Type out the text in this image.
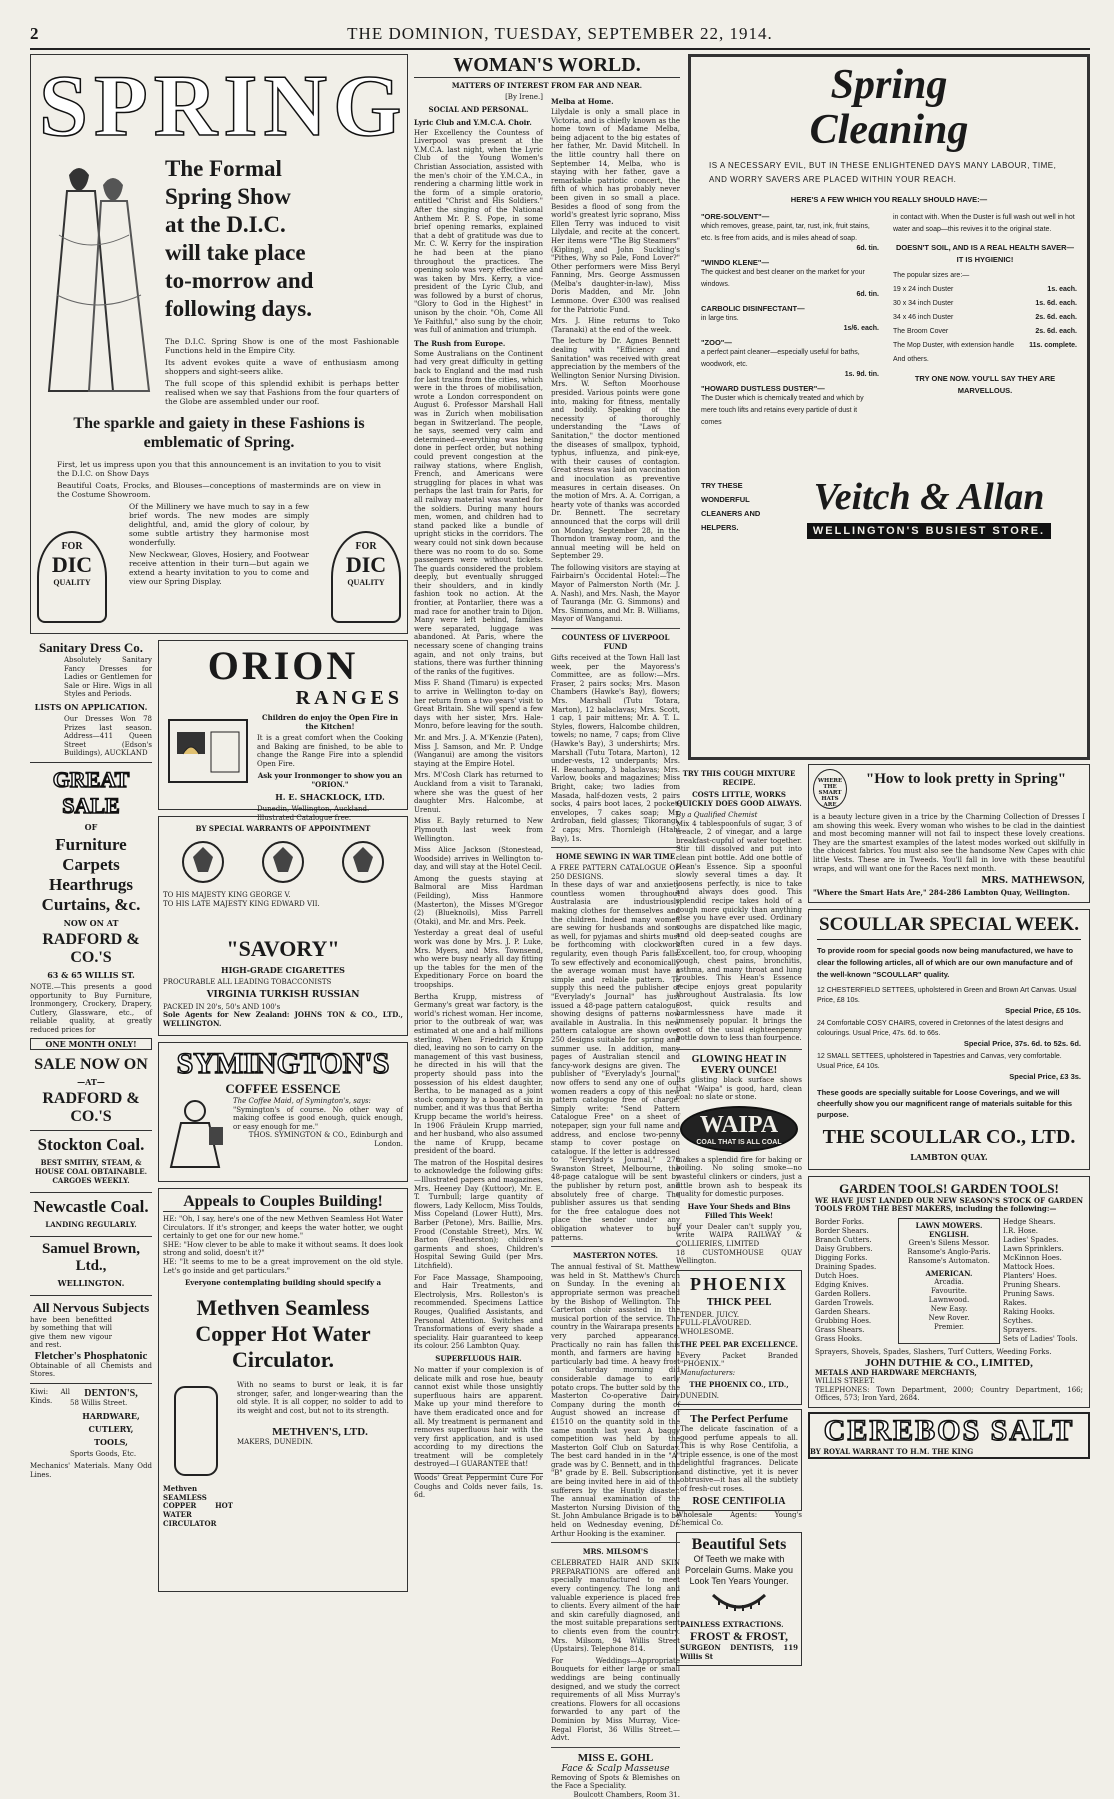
2	THE DOMINION, TUESDAY, SEPTEMBER 22, 1914.
SPRING
The Formal
Spring Show
at the D.I.C.
will take place
to-morrow and
following days.
The D.I.C. Spring Show is one of the most Fashionable Functions held in the Empire City.
Its advent evokes quite a wave of enthusiasm among shoppers and sight-seers alike.
The full scope of this splendid exhibit is perhaps better realised when we say that Fashions from the four quarters of the Globe are assembled under our roof.
The sparkle and gaiety in these Fashions is emblematic of Spring.
First, let us impress upon you that this announcement is an invitation to you to visit the D.I.C. on Show Days
Beautiful Coats, Frocks, and Blouses—conceptions of masterminds are on view in the Costume Showroom.
Of the Millinery we have much to say in a few brief words. The new modes are simply delightful, and, amid the glory of colour, by some subtle artistry they harmonise most wonderfully.
New Neckwear, Gloves, Hosiery, and Footwear receive attention in their turn—but again we extend a hearty invitation to you to come and view our Spring Display.
FOR
DIC
QUALITY
FOR
DIC
QUALITY
Sanitary Dress Co.
Absolutely Sanitary Fancy Dresses for Ladies or Gentlemen for Sale or Hire. Wigs in all Styles and Periods.
LISTS ON APPLICATION.
Our Dresses Won 78 Prizes last season. Address—411 Queen Street (Edson's Buildings), AUCKLAND
GREAT SALE
OF
Furniture
Carpets
Hearthrugs
Curtains, &c.
NOW ON AT
RADFORD & CO.'S
63 & 65 WILLIS ST.
NOTE.—This presents a good opportunity to Buy Furniture, Ironmongery, Crockery, Drapery, Cutlery, Glassware, etc., of reliable quality, at greatly reduced prices for
ONE MONTH ONLY!
SALE NOW ON
—AT—
RADFORD & CO.'S
Stockton Coal.
BEST SMITHY, STEAM, & HOUSE COAL OBTAINABLE. CARGOES WEEKLY.
Newcastle Coal.
LANDING REGULARLY.
Samuel Brown, Ltd.,
WELLINGTON.
All Nervous Subjects
have been benefitted by something that will give them new vigour and rest.
Fletcher's Phosphatonic
Obtainable of all Chemists and Stores.
Kiwi: All Kinds.
DENTON'S,
58 Willis Street.
HARDWARE,
CUTLERY,
TOOLS,
Sports Goods, Etc.
Mechanics' Materials. Many Odd Lines.
ORION
RANGES
Children do enjoy the Open Fire in the Kitchen!
It is a great comfort when the Cooking and Baking are finished, to be able to change the Range Fire into a splendid Open Fire.
Ask your Ironmonger to show you an "ORION."
H. E. SHACKLOCK, LTD.
Dunedin, Wellington, Auckland.
Illustrated Catalogue free.
BY SPECIAL WARRANTS OF APPOINTMENT
TO HIS MAJESTY KING GEORGE V.
TO HIS LATE MAJESTY KING EDWARD VII.
"SAVORY"
HIGH-GRADE CIGARETTES
PROCURABLE ALL LEADING TOBACCONISTS
VIRGINIA TURKISH RUSSIAN
PACKED IN 20's, 50's AND 100's
Sole Agents for New Zealand: JOHNS TON & CO., LTD., WELLINGTON.
SYMINGTON'S
COFFEE ESSENCE
The Coffee Maid, of Symington's, says:
"Symington's of course. No other way of making coffee is good enough, quick enough, or easy enough for me."
THOS. SYMINGTON & CO., Edinburgh and London.
Appeals to Couples Building!
HE: "Oh, I say, here's one of the new Methven Seamless Hot Water Circulators. If it's stronger, and keeps the water hotter, we ought certainly to get one for our new home."
SHE: "How clever to be able to make it without seams. It does look strong and solid, doesn't it?"
HE: "It seems to me to be a great improvement on the old style. Let's go inside and get particulars."
Everyone contemplating building should specify a
Methven Seamless Copper Hot Water Circulator.
Methven SEAMLESS COPPER HOT WATER CIRCULATOR
With no seams to burst or leak, it is far stronger, safer, and longer-wearing than the old style. It is all copper, no solder to add to its weight and cost, but not to its strength.
METHVEN'S, LTD.
MAKERS, DUNEDIN.
WOMAN'S WORLD.
MATTERS OF INTEREST FROM FAR AND NEAR.
[By Irene.]
SOCIAL AND PERSONAL.
Lyric Club and Y.M.C.A. Choir.
Her Excellency the Countess of Liverpool was present at the Y.M.C.A. last night, when the Lyric Club of the Young Women's Christian Association, assisted with the men's choir of the Y.M.C.A., in rendering a charming little work in the form of a simple oratorio, entitled "Christ and His Soldiers." After the singing of the National Anthem Mr. P. S. Pope, in some brief opening remarks, explained that a debt of gratitude was due to Mr. C. W. Kerry for the inspiration he had been at the piano throughout the practices. The opening solo was very effective and was taken by Mrs. Kerry, a vice-president of the Lyric Club, and was followed by a burst of chorus, "Glory to God in the Highest" in unison by the choir. "Oh, Come All Ye Faithful," also sung by the choir, was full of animation and triumph.
The Rush from Europe.
Some Australians on the Continent had very great difficulty in getting back to England and the mad rush for last trains from the cities, which were in the throes of mobilisation, wrote a London correspondent on August 6. Professor Marshall Hall was in Zurich when mobilisation began in Switzerland. The people, he says, seemed very calm and determined—everything was being done in perfect order, but nothing could prevent congestion at the railway stations, where English, French, and Americans were struggling for places in what was perhaps the last train for Paris, for all railway material was wanted for the soldiers. During many hours men, women, and children had to stand packed like a bundle of upright sticks in the corridors. The weary could not sink down because there was no room to do so. Some passengers were without tickets. The guards considered the problem deeply, but eventually shrugged their shoulders, and in kindly fashion took no action. At the frontier, at Pontarlier, there was a mad race for another train to Dijon. Many were left behind, families were separated, luggage was abandoned. At Paris, where the necessary scene of changing trains again, and not only trains, but stations, there was further thinning of the ranks of the fugitives.
Miss F. Shand (Timaru) is expected to arrive in Wellington to-day on her return from a two years' visit to Great Britain. She will spend a few days with her sister, Mrs. Hale-Monro, before leaving for the south.
Mr. and Mrs. J. A. M'Kenzie (Paten), Miss J. Samson, and Mr. P. Undge (Wanganui) are among the visitors staying at the Empire Hotel.
Mrs. M'Cosh Clark has returned to Auckland from a visit to Taranaki, where she was the guest of her daughter Mrs. Halcombe, at Urenui.
Miss E. Bayly returned to New Plymouth last week from Wellington.
Miss Alice Jackson (Stonestead, Woodside) arrives in Wellington to-day, and will stay at the Hotel Cecil.
Among the guests staying at Balmoral are Miss Hardman (Feilding), Miss Hanmore (Masterton), the Misses M'Gregor (2) (Blueknoils), Miss Parrell (Otaki), and Mr. and Mrs. Peek.
Yesterday a great deal of useful work was done by Mrs. J. P. Luke, Mrs. Myers, and Mrs. Townsend, who were busy nearly all day fitting up the tables for the men of the Expeditionary Force on board the troopships.
Bertha Krupp, mistress of Germany's great war factory, is the world's richest woman. Her income, prior to the outbreak of war, was estimated at one and a half millions sterling. When Friedrich Krupp died, leaving no son to carry on the management of this vast business, he directed in his will that the property should pass into the possession of his eldest daughter, Bertha, to be managed as a joint stock company by a board of six in number, and it was thus that Bertha Krupp became the world's heiress. In 1906 Fräulein Krupp married, and her husband, who also assumed the name of Krupp, became president of the board.
The matron of the Hospital desires to acknowledge the following gifts:—Illustrated papers and magazines, Mrs. Heeney Day (Kuttoor), Mr. E. T. Turnbull; large quantity of flowers, Lady Kellocm, Miss Toulds, Miss Copeland (Lower Hutt), Mrs. Barber (Petone), Mrs. Baillie, Mrs. Frood (Constable Street), Mrs. W. Barton (Featherston); children's garments and shoes, Children's Hospital Sewing Guild (per Mrs. Litchfield).
For Face Massage, Shampooing, and Hair Treatments, and Electrolysis, Mrs. Rolleston's is recommended. Specimens Lattice Rouges, Qualified Assistants, and Personal Attention. Switches and Transformations of every shade a speciality. Hair guaranteed to keep its colour. 256 Lambton Quay.
SUPERFLUOUS HAIR.
No matter if your complexion is of delicate milk and rose hue, beauty cannot exist while those unsightly superfluous hairs are apparent. Make up your mind therefore to have them eradicated once and for all. My treatment is permanent and removes superfluous hair with the very first application, and is used according to my directions the treatment will be completely destroyed—I GUARANTEE that!
Woods' Great Peppermint Cure For Coughs and Colds never fails, 1s. 6d.
Melba at Home.
Lilydale is only a small place in Victoria, and is chiefly known as the home town of Madame Melba, being adjacent to the big estates of her father, Mr. David Mitchell. In the little country hall there on September 14, Melba, who is staying with her father, gave a remarkable patriotic concert, the fifth of which has probably never been given in so small a place. Besides a flood of song from the world's greatest lyric soprano, Miss Ellen Terry was induced to visit Lilydale, and recite at the concert. Her items were "The Big Steamers" (Kipling), and John Suckling's "Pithes, Why so Pale, Fond Lover?" Other performers were Miss Beryl Fanning, Mrs. George Assmussen (Melba's daughter-in-law), Miss Doris Madden, and Mr. John Lemmone. Over £300 was realised for the Patriotic Fund.
Mrs. J. Hine returns to Toko (Taranaki) at the end of the week.
The lecture by Dr. Agnes Bennett dealing with "Efficiency and Sanitation" was received with great appreciation by the members of the Wellington Senior Nursing Division. Mrs. W. Sefton Moorhouse presided. Various points were gone into, making for fitness, mentally and bodily. Speaking of the necessity of thoroughly understanding the "Laws of Sanitation," the doctor mentioned the diseases of smallpox, typhoid, typhus, influenza, and pink-eye, with their causes of contagion. Great stress was laid on vaccination and inoculation as preventive measures in certain diseases. On the motion of Mrs. A. A. Corrigan, a hearty vote of thanks was accorded Dr. Bennett. The secretary announced that the corps will drill on Monday, September 28, in the Thorndon tramway room, and the annual meeting will be held on September 29.
The following visitors are staying at Fairbairn's Occidental Hotel:—The Mayor of Palmerston North (Mr. J. A. Nash), and Mrs. Nash, the Mayor of Tauranga (Mr. G. Simmons) and Mrs. Simmons, and Mr. B. Williams, Mayor of Wanganui.
COUNTESS OF LIVERPOOL FUND
Gifts received at the Town Hall last week, per the Mayoress's Committee, are as follow:—Mrs. Fraser, 2 pairs socks; Mrs. Mason Chambers (Hawke's Bay), flowers; Mrs. Marshall (Tutu Totara, Marton), 12 balaclavas; Mrs. Scott, 1 cap, 1 pair mittens; Mr. A. T. L. Styles, flowers, Halcombe children, towels; no name, 7 caps; from Clive (Hawke's Bay), 3 undershirts; Mrs. Marshall (Tutu Totara, Marton), 12 under-vests, 12 underpants; Mrs. H. Beauchamp, 3 balaclavas; Mrs. Varlow, books and magazines; Miss Bright, cake; two ladies from Masada, half-dozen vests, 2 pairs socks, 4 pairs boot laces, 2 pocket-envelopes, 7 cakes soap; Mr. Ardroban, field glasses; Tikorangi, 2 caps; Mrs. Thornleigh (Htahi Bay), 1s.
HOME SEWING IN WAR TIME
A FREE PATTERN CATALOGUE OF 250 DESIGNS.
In these days of war and anxiety countless women throughout Australasia are industriously making clothes for themselves and the children. Indeed many women are sewing for husbands and sons as well, for pyjamas and shirts must be forthcoming with clockwork regularity, even though Paris falls. To sew effectively and economically the average woman must have a simple and reliable pattern. To supply this need the publisher of "Everylady's Journal" has just issued a 48-page pattern catalogue showing designs of patterns now available in Australia. In this new pattern catalogue are shown over 250 designs suitable for spring and summer use. In addition, many pages of Australian stencil and fancy-work designs are given. The publisher of "Everylady's Journal" now offers to send any one of our women readers a copy of this new pattern catalogue free of charge. Simply write: "Send Pattern Catalogue Free" on a sheet of notepaper, sign your full name and address, and enclose two-penny stamp to cover postage on catalogue. If the letter is addressed to "Everylady's Journal," 270 Swanston Street, Melbourne, the 48-page catalogue will be sent by the publisher by return post, and absolutely free of charge. The publisher assures us that sending for the free catalogue does not place the sender under any obligation whatever to buy patterns.
MASTERTON NOTES.
The annual festival of St. Matthew was held in St. Matthew's Church on Sunday. In the evening an appropriate sermon was preached by the Bishop of Wellington. The Carterton choir assisted in the musical portion of the service. The country in the Wairarapa presents a very parched appearance. Practically no rain has fallen this month, and farmers are having a particularly bad time. A heavy frost on Saturday morning did considerable damage to early potato crops. The butter sold by the Masterton Co-operative Dairy Company during the month of August showed an increase of £1510 on the quantity sold in the same month last year. A baggy competition was held by the Masterton Golf Club on Saturday. The best card handed in in the "A" grade was by C. Bennett, and in the "B" grade by E. Bell. Subscriptions are being invited here in aid of the sufferers by the Huntly disaster. The annual examination of the Masterton Nursing Division of the St. John Ambulance Brigade is to be held on Wednesday evening, Dr. Arthur Hooking is the examiner.
MRS. MILSOM'S
CELEBRATED HAIR AND SKIN PREPARATIONS are offered and specially manufactured to meet every contingency. The long and valuable experience is placed free to clients. Every ailment of the hair and skin carefully diagnosed, and the most suitable preparations sent to clients even from the country. Mrs. Milsom, 94 Willis Street (Upstairs). Telephone 814.
For Weddings—Appropriate Bouquets for either large or small weddings are being continually designed, and we study the correct requirements of all Miss Murray's creations. Flowers for all occasions forwarded to any part of the Dominion by Miss Murray, Vice-Regal Florist, 36 Willis Street.—Advt.
MISS E. GOHL
Face & Scalp Masseuse
Removing of Spots & Blemishes on the Face a Speciality.
Boulcott Chambers, Room 31.
Spring
Cleaning
IS A NECESSARY EVIL, BUT IN THESE ENLIGHTENED DAYS MANY LABOUR, TIME, AND WORRY SAVERS ARE PLACED WITHIN YOUR REACH.
HERE'S A FEW WHICH YOU REALLY SHOULD HAVE:—
"ORE-SOLVENT"—
which removes, grease, paint, tar, rust, ink, fruit stains, etc. Is free from acids, and is miles ahead of soap.
6d. tin.
"WINDO KLENE"—
The quickest and best cleaner on the market for your windows.
6d. tin.
CARBOLIC DISINFECTANT—
in large tins.
1s/6. each.
"ZOO"—
a perfect paint cleaner—especially useful for baths, woodwork, etc.
1s. 9d. tin.
"HOWARD DUSTLESS DUSTER"—
The Duster which is chemically treated and which by mere touch lifts and retains every particle of dust it comes
in contact with. When the Duster is full wash out well in hot water and soap—this revives it to the original state.
DOESN'T SOIL, AND IS A REAL HEALTH SAVER—IT IS HYGIENIC!
The popular sizes are:—
19 x 24 inch Duster	1s. each.
30 x 34 inch Duster	1s. 6d. each.
34 x 46 inch Duster	2s. 6d. each.
The Broom Cover	2s. 6d. each.
The Mop Duster, with extension handle 11s. complete.
And others.
TRY ONE NOW. YOU'LL SAY THEY ARE MARVELLOUS.
TRY THESE WONDERFUL CLEANERS AND HELPERS.
Veitch & Allan
WELLINGTON'S BUSIEST STORE.
TRY THIS COUGH MIXTURE RECIPE.
COSTS LITTLE, WORKS QUICKLY DOES GOOD ALWAYS.
By a Qualified Chemist
Mix 4 tablespoonfuls of sugar, 3 of treacle, 2 of vinegar, and a large breakfast-cupful of water together. Stir till dissolved and put into clean pint bottle. Add one bottle of Hean's Essence. Sip a spoonful slowly several times a day. It loosens perfectly, is nice to take and always does good. This splendid recipe takes hold of a cough more quickly than anything else you have ever used. Ordinary coughs are dispatched like magic, and old deep-seated coughs are often cured in a few days. Excellent, too, for croup, whooping cough, chest pains, bronchitis, asthma, and many throat and lung troubles. This Hean's Essence recipe enjoys great popularity throughout Australasia. Its low cost, quick results and harmlessness have made it immensely popular. It brings the cost of the usual eighteenpenny bottle down to less than fourpence.
GLOWING HEAT IN EVERY OUNCE!
Its glisting black surface shows that "Waipa" is good, hard, clean coal: no slate or stone.
WAIPA
COAL THAT IS ALL COAL
makes a splendid fire for baking or boiling. No soling smoke—no wasteful clinkers or cinders, just a little brown ash to bespeak its quality for domestic purposes.
Have Your Sheds and Bins Filled This Week!
If your Dealer can't supply you, write WAIPA RAILWAY & COLLIERIES, LIMITED
18 CUSTOMHOUSE QUAY Wellington.
PHOENIX
THICK PEEL
TENDER. JUICY.
FULL-FLAVOURED. WHOLESOME.
THE PEEL PAR EXCELLENCE.
Every Packet Branded "PHOENIX."
Manufacturers:
THE PHOENIX CO., LTD.,
DUNEDIN.
The Perfect Perfume
The delicate fascination of a good perfume appeals to all. This is why Rose Centifolia, a triple essence, is one of the most delightful fragrances. Delicate and distinctive, yet it is never obtrusive—it has all the subtlety of fresh-cut roses.
ROSE CENTIFOLIA
Wholesale Agents: Young's Chemical Co.
Beautiful Sets
Of Teeth we make with Porcelain Gums. Make you Look Ten Years Younger.
PAINLESS EXTRACTIONS.
FROST & FROST,
SURGEON DENTISTS, 119 Willis St
WHERE THE SMART HATS ARE
"How to look pretty in Spring"
is a beauty lecture given in a trice by the Charming Collection of Dresses I am showing this week. Every woman who wishes to be clad in the daintiest and most becoming manner will not fail to inspect these lovely creations. They are the smartest examples of the latest modes worked out skilfully in the choicest fabrics. You must also see the handsome New Capes with chic little Vests. These are in Tweeds. You'll fall in love with these beautiful wraps, and will want one for the Races next month.
MRS. MATHEWSON,
"Where the Smart Hats Are," 284-286 Lambton Quay, Wellington.
SCOULLAR SPECIAL WEEK.
To provide room for special goods now being manufactured, we have to clear the following articles, all of which are our own manufacture and of the well-known "SCOULLAR" quality.
12 CHESTERFIELD SETTEES, upholstered in Green and Brown Art Canvas. Usual Price, £8 10s.
Special Price, £5 10s.
24 Comfortable COSY CHAIRS, covered in Cretonnes of the latest designs and colourings. Usual Price, 47s. 6d. to 66s.
Special Price, 37s. 6d. to 52s. 6d.
12 SMALL SETTEES, upholstered in Tapestries and Canvas, very comfortable. Usual Price, £4 10s.
Special Price, £3 3s.
These goods are specially suitable for Loose Coverings, and we will cheerfully show you our magnificent range of materials suitable for this purpose.
THE SCOULLAR CO., LTD.
LAMBTON QUAY.
GARDEN TOOLS! GARDEN TOOLS!
WE HAVE JUST LANDED OUR NEW SEASON'S STOCK OF GARDEN TOOLS FROM THE BEST MAKERS, including the following:—
Border Forks.
Border Shears.
Branch Cutters.
Daisy Grubbers.
Digging Forks.
Draining Spades.
Dutch Hoes.
Edging Knives.
Garden Rollers.
Garden Trowels.
Garden Shears.
Grubbing Hoes.
Grass Shears.
Grass Hooks.
LAWN MOWERS.
ENGLISH.
Green's Silens Messor.
Ransome's Anglo-Paris.
Ransome's Automaton.
AMERICAN.
Arcadia.
Favourite.
Lawnwood.
New Easy.
New Rover.
Premier.
Hedge Shears.
I.R. Hose.
Ladies' Spades.
Lawn Sprinklers.
McKinnon Hoes.
Mattock Hoes.
Planters' Hoes.
Pruning Shears.
Pruning Saws.
Rakes.
Raking Hooks.
Scythes.
Sprayers.
Sets of Ladies' Tools.
Sprayers, Shovels, Spades, Slashers, Turf Cutters, Weeding Forks.
JOHN DUTHIE & CO., LIMITED,
METALS AND HARDWARE MERCHANTS,
WILLIS STREET.
TELEPHONES: Town Department, 2000; Country Department, 166; Offices, 573; Iron Yard, 2684.
CEREBOS SALT
BY ROYAL WARRANT TO H.M. THE KING
